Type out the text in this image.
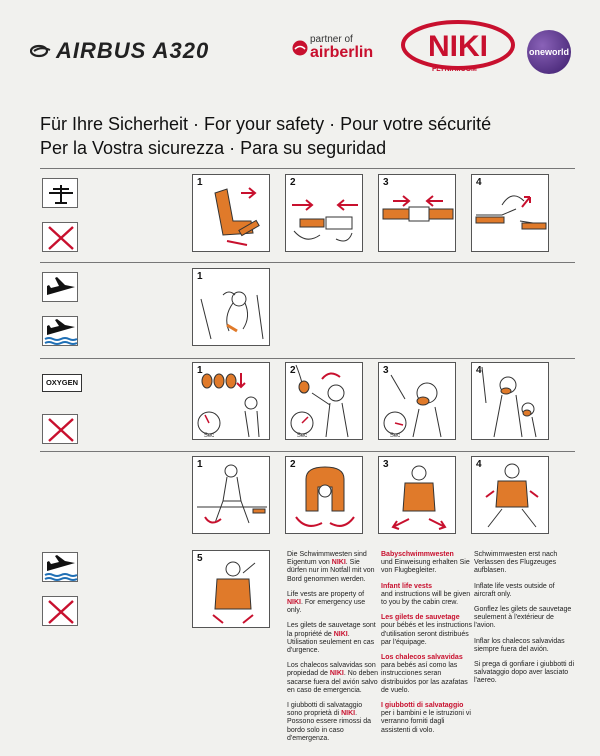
AIRBUS A320	partner of
airberlin NIKI
FLYNIKI.COM
oneworld
Für Ihre Sicherheit · For your safety · Pour votre sécurité
Per la Vostra sicurezza · Para su seguridad
OXYGEN
1	2	3	4
1
1
Sec
2
Sec
3
Sec
4
1	2	3	4
5	Die Schwimmwesten sind Eigentum von NIKI. Sie dürfen nur im Notfall mit von Bord genommen werden.

Life vests are property of NIKI. For emergency use only.

Les gilets de sauvetage sont la propriété de NIKI. Utilisation seulement en cas d'urgence.

Los chalecos salvavidas son propiedad de NIKI. No deben sacarse fuera del avión salvo en caso de emergencia.

I giubbotti di salvataggio sono proprietà di NIKI. Possono essere rimossi da bordo solo in caso d'emergenza.

Babyschwimmwesten
und Einweisung erhalten Sie von Flugbegleiter.

Infant life vests
and instructions will be given to you by the cabin crew.

Les gilets de sauvetage
pour bébés et les instructions d'utilisation seront distribués par l'équipage.

Los chalecos salvavidas
para bebés así como las instrucciones seran distribuidos por las azafatas de vuelo.

I giubbotti di salvataggio
per i bambini e le istruzioni vi verranno forniti dagli assistenti di volo.

Schwimmwesten erst nach Verlassen des Flugzeuges aufblasen.

Inflate life vests outside of aircraft only.

Gonflez les gilets de sauvetage seulement à l'extérieur de l'avion.

Inflar los chalecos salvavidas siempre fuera del avión.

Si prega di gonfiare i giubbotti di salvataggio dopo aver lasciato l'aereo.
